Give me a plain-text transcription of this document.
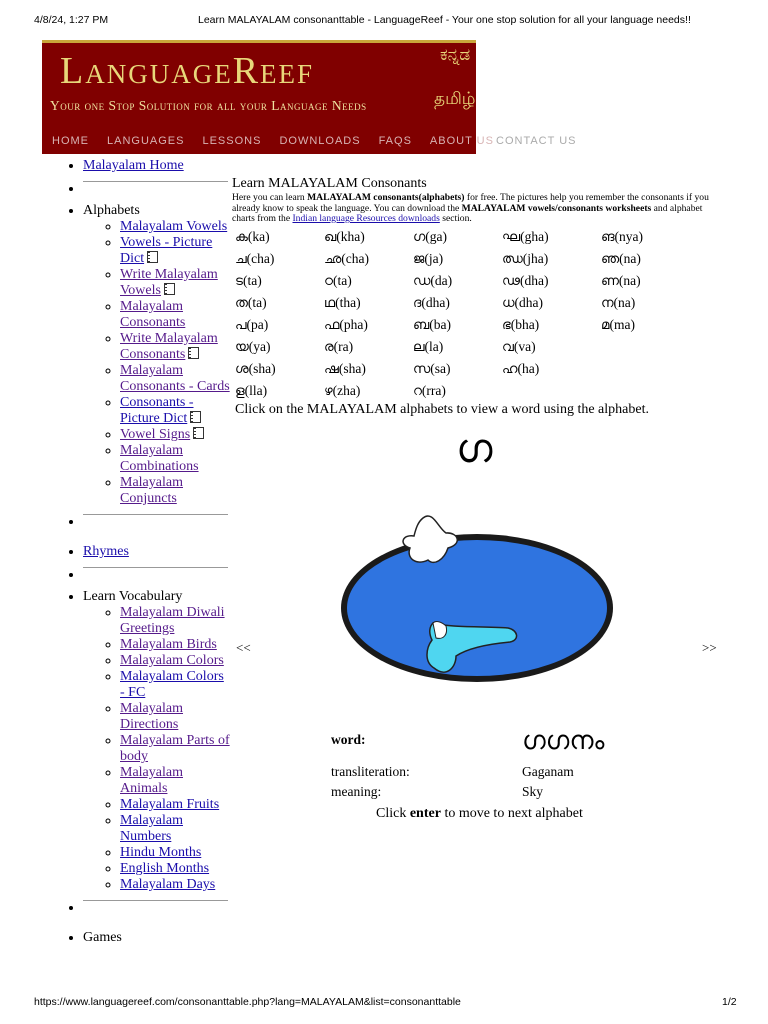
4/8/24, 1:27 PM	Learn MALAYALAM consonanttable - LanguageReef - Your one stop solution for all your language needs!!
LanguageReef
Your one Stop Solution for all your Language Needs
ಕನ್ನಡ
தமிழ்
HOME LANGUAGES LESSONS DOWNLOADS FAQS ABOUT US CONTACT US
• Malayalam Home
•
• Alphabets
◦ Malayalam Vowels
◦ Vowels - Picture Dict
◦ Write Malayalam Vowels
◦ Malayalam Consonants
◦ Write Malayalam Consonants
◦ Malayalam Consonants - Cards
◦ Consonants - Picture Dict
◦ Vowel Signs
◦ Malayalam Combinations
◦ Malayalam Conjuncts
•
• Rhymes
•
• Learn Vocabulary
◦ Malayalam Diwali Greetings
◦ Malayalam Birds
◦ Malayalam Colors
◦ Malayalam Colors - FC
◦ Malayalam Directions
◦ Malayalam Parts of body
◦ Malayalam Animals
◦ Malayalam Fruits
◦ Malayalam Numbers
◦ Hindu Months
◦ English Months
◦ Malayalam Days
•
• Games
Learn MALAYALAM Consonants

Here you can learn MALAYALAM consonants(alphabets) for free. The pictures help you remember the consonants if you already know to speak the language. You can download the MALAYALAM vowels/consonants worksheets and alphabet charts from the Indian language Resources downloads section.

ക(ka)	ഖ(kha)	ഗ(ga)	ഘ(gha)	ങ(nya)
ച(cha)	ഛ(cha)	ജ(ja)	ഝ(jha)	ഞ(na)
ട(ta)	ഠ(ta)	ഡ(da)	ഢ(dha)	ണ(na)
ത(ta)	ഥ(tha)	ദ(dha)	ധ(dha)	ന(na)
പ(pa)	ഫ(pha)	ബ(ba)	ഭ(bha)	മ(ma)
യ(ya)	ര(ra)	ല(la)	വ(va)	
ശ(sha)	ഷ(sha)	സ(sa)	ഹ(ha)	
ള(lla)	ഴ(zha)	റ(rra)		
Click on the MALAYALAM alphabets to view a word using the alphabet.
ഗ
<<	>>
word:	ഗഗനം
transliteration:	Gaganam
meaning:	Sky
Click enter to move to next alphabet
https://www.languagereef.com/consonanttable.php?lang=MALAYALAM&list=consonanttable	1/2
